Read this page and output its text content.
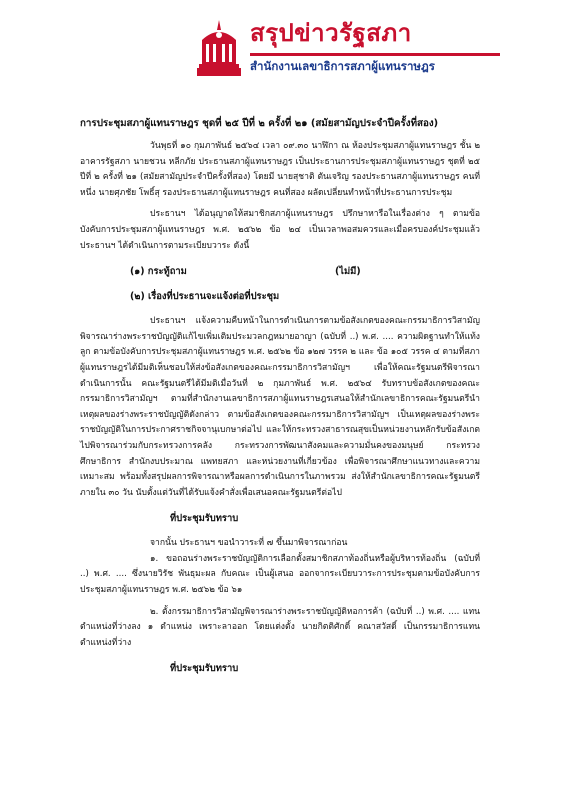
สรุปข่าวรัฐสภา
สำนักงานเลขาธิการสภาผู้แทนราษฎร

การประชุมสภาผู้แทนราษฎร ชุดที่ ๒๕ ปีที่ ๒ ครั้งที่ ๒๑ (สมัยสามัญประจำปีครั้งที่สอง)

วันพุธที่ ๑๐ กุมภาพันธ์ ๒๕๖๔ เวลา ๐๙.๓๐ นาฬิกา ณ ห้องประชุมสภาผู้แทนราษฎร ชั้น ๒ อาคารรัฐสภา นายชวน หลีกภัย ประธานสภาผู้แทนราษฎร เป็นประธานการประชุมสภาผู้แทนราษฎร ชุดที่ ๒๕ ปีที่ ๒ ครั้งที่ ๒๑ (สมัยสามัญประจำปีครั้งที่สอง) โดยมี นายสุชาติ ตันเจริญ รองประธานสภาผู้แทนราษฎร คนที่หนึ่ง นายศุภชัย โพธิ์สุ รองประธานสภาผู้แทนราษฎร คนที่สอง ผลัดเปลี่ยนทำหน้าที่ประธานการประชุม

ประธานฯ ได้อนุญาตให้สมาชิกสภาผู้แทนราษฎร ปรึกษาหารือในเรื่องต่าง ๆ ตามข้อบังคับการประชุมสภาผู้แทนราษฎร พ.ศ. ๒๕๖๒ ข้อ ๒๔ เป็นเวลาพอสมควรและเมื่อครบองค์ประชุมแล้ว ประธานฯ ได้ดำเนินการตามระเบียบวาระ ดังนี้

(๑) กระทู้ถาม	(ไม่มี)
(๒) เรื่องที่ประธานจะแจ้งต่อที่ประชุม

ประธานฯ แจ้งความคืบหน้าในการดำเนินการตามข้อสังเกตของคณะกรรมาธิการวิสามัญพิจารณาร่างพระราชบัญญัติแก้ไขเพิ่มเติมประมวลกฎหมายอาญา (ฉบับที่ ..) พ.ศ. .... ความผิดฐานทำให้แท้งลูก ตามข้อบังคับการประชุมสภาผู้แทนราษฎร พ.ศ. ๒๕๖๒ ข้อ ๑๒๗ วรรค ๒ และ ข้อ ๑๐๕ วรรค ๔ ตามที่สภาผู้แทนราษฎรได้มีมติเห็นชอบให้ส่งข้อสังเกตของคณะกรรมาธิการวิสามัญฯ เพื่อให้คณะรัฐมนตรีพิจารณาดำเนินการนั้น คณะรัฐมนตรีได้มีมติเมื่อวันที่ ๒ กุมภาพันธ์ พ.ศ. ๒๕๖๔ รับทราบข้อสังเกตของคณะกรรมาธิการวิสามัญฯ ตามที่สำนักงานเลขาธิการสภาผู้แทนราษฎรเสนอให้สำนักเลขาธิการคณะรัฐมนตรีนำเหตุผลของร่างพระราชบัญญัติดังกล่าว ตามข้อสังเกตของคณะกรรมาธิการวิสามัญฯ เป็นเหตุผลของร่างพระราชบัญญัติในการประกาศราชกิจจานุเบกษาต่อไป และให้กระทรวงสาธารณสุขเป็นหน่วยงานหลักรับข้อสังเกตไปพิจารณาร่วมกับกระทรวงการคลัง กระทรวงการพัฒนาสังคมและความมั่นคงของมนุษย์ กระทรวงศึกษาธิการ สำนักงบประมาณ แพทยสภา และหน่วยงานที่เกี่ยวข้อง เพื่อพิจารณาศึกษาแนวทางและความเหมาะสม พร้อมทั้งสรุปผลการพิจารณาหรือผลการดำเนินการในภาพรวม ส่งให้สำนักเลขาธิการคณะรัฐมนตรีภายใน ๓๐ วัน นับตั้งแต่วันที่ได้รับแจ้งคำสั่งเพื่อเสนอคณะรัฐมนตรีต่อไป

ที่ประชุมรับทราบ

จากนั้น ประธานฯ ขอนำวาระที่ ๗ ขึ้นมาพิจารณาก่อน

๑. ขอถอนร่างพระราชบัญญัติการเลือกตั้งสมาชิกสภาท้องถิ่นหรือผู้บริหารท้องถิ่น (ฉบับที่ ..) พ.ศ. .... ซึ่งนายวิรัช พันธุมะผล กับคณะ เป็นผู้เสนอ ออกจากระเบียบวาระการประชุมตามข้อบังคับการประชุมสภาผู้แทนราษฎร พ.ศ. ๒๕๖๒ ข้อ ๖๑

๒. ตั้งกรรมาธิการวิสามัญพิจารณาร่างพระราชบัญญัติหอการค้า (ฉบับที่ ..) พ.ศ. .... แทนตำแหน่งที่ว่างลง ๑ ตำแหน่ง เพราะลาออก โดยแต่งตั้ง นายกิตติศักดิ์ คณาสวัสดิ์ เป็นกรรมาธิการแทนตำแหน่งที่ว่าง

ที่ประชุมรับทราบ
